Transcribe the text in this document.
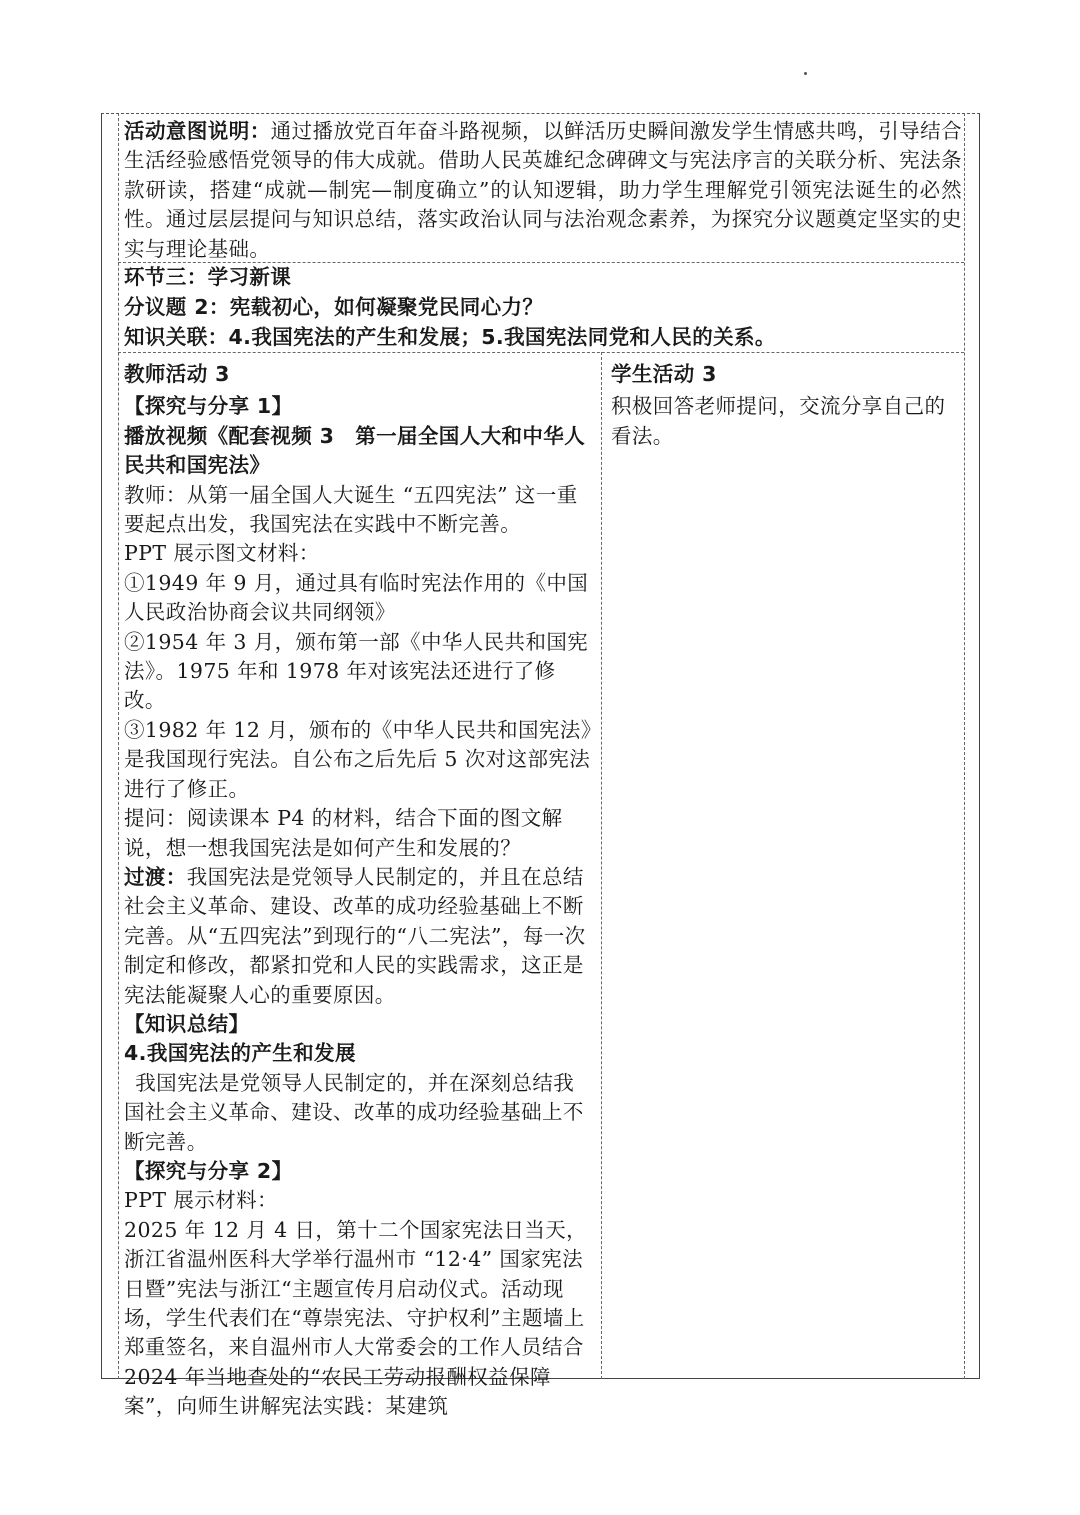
活动意图说明：通过播放党百年奋斗路视频，以鲜活历史瞬间激发学生情感共鸣，引导结合生活经验感悟党领导的伟大成就。借助人民英雄纪念碑碑文与宪法序言的关联分析、宪法条款研读，搭建“成就—制宪—制度确立”的认知逻辑，助力学生理解党引领宪法诞生的必然性。通过层层提问与知识总结，落实政治认同与法治观念素养，为探究分议题奠定坚实的史实与理论基础。

环节三：学习新课

分议题 2：宪载初心，如何凝聚党民同心力？

知识关联：4.我国宪法的产生和发展；5.我国宪法同党和人民的关系。

教师活动 3

【探究与分享 1】

播放视频《配套视频 3　第一届全国人大和中华人民共和国宪法》

教师：从第一届全国人大诞生 “五四宪法” 这一重要起点出发，我国宪法在实践中不断完善。

PPT 展示图文材料：

①1949 年 9 月，通过具有临时宪法作用的《中国人民政治协商会议共同纲领》

②1954 年 3 月，颁布第一部《中华人民共和国宪法》。1975 年和 1978 年对该宪法还进行了修改。

③1982 年 12 月，颁布的《中华人民共和国宪法》是我国现行宪法。自公布之后先后 5 次对这部宪法进行了修正。

提问：阅读课本 P4 的材料，结合下面的图文解说，想一想我国宪法是如何产生和发展的？

过渡：我国宪法是党领导人民制定的，并且在总结社会主义革命、建设、改革的成功经验基础上不断完善。从“五四宪法”到现行的“八二宪法”，每一次制定和修改，都紧扣党和人民的实践需求，这正是宪法能凝聚人心的重要原因。

【知识总结】

4.我国宪法的产生和发展

我国宪法是党领导人民制定的，并在深刻总结我国社会主义革命、建设、改革的成功经验基础上不断完善。

【探究与分享 2】

PPT 展示材料：

2025 年 12 月 4 日，第十二个国家宪法日当天，浙江省温州医科大学举行温州市 “12·4” 国家宪法日暨”宪法与浙江“主题宣传月启动仪式。活动现场，学生代表们在“尊崇宪法、守护权利”主题墙上郑重签名，来自温州市人大常委会的工作人员结合 2024 年当地查处的“农民工劳动报酬权益保障案”，向师生讲解宪法实践：某建筑

学生活动 3

积极回答老师提问，交流分享自己的看法。
